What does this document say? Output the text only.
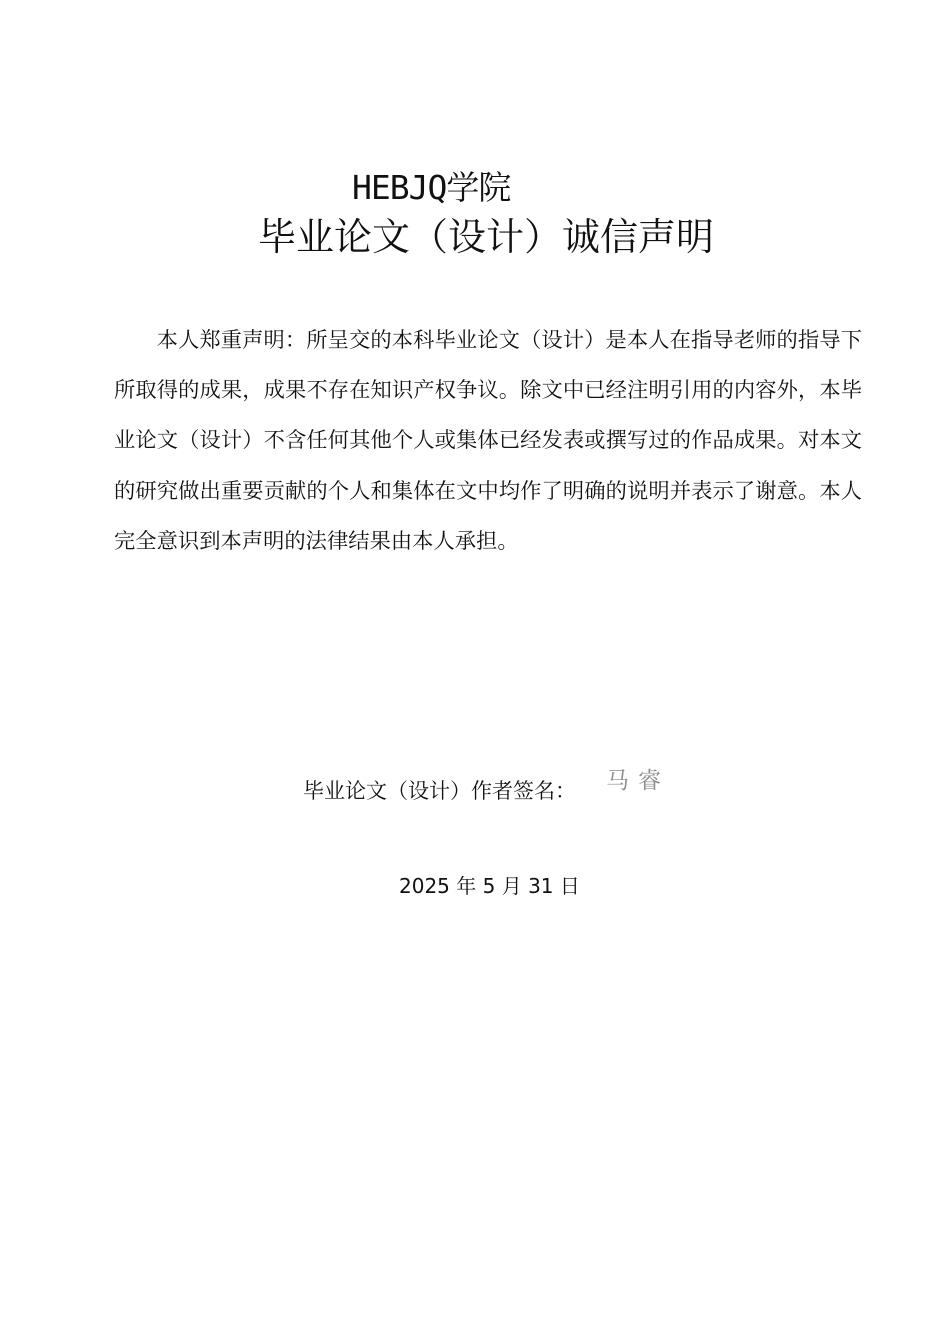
HEBJQ学院
毕业论文（设计）诚信声明

本人郑重声明：所呈交的本科毕业论文（设计）是本人在指导老师的指导下所取得的成果，成果不存在知识产权争议。除文中已经注明引用的内容外，本毕业论文（设计）不含任何其他个人或集体已经发表或撰写过的作品成果。对本文的研究做出重要贡献的个人和集体在文中均作了明确的说明并表示了谢意。本人完全意识到本声明的法律结果由本人承担。

毕业论文（设计）作者签名： 马 睿
2025 年 5 月 31 日
